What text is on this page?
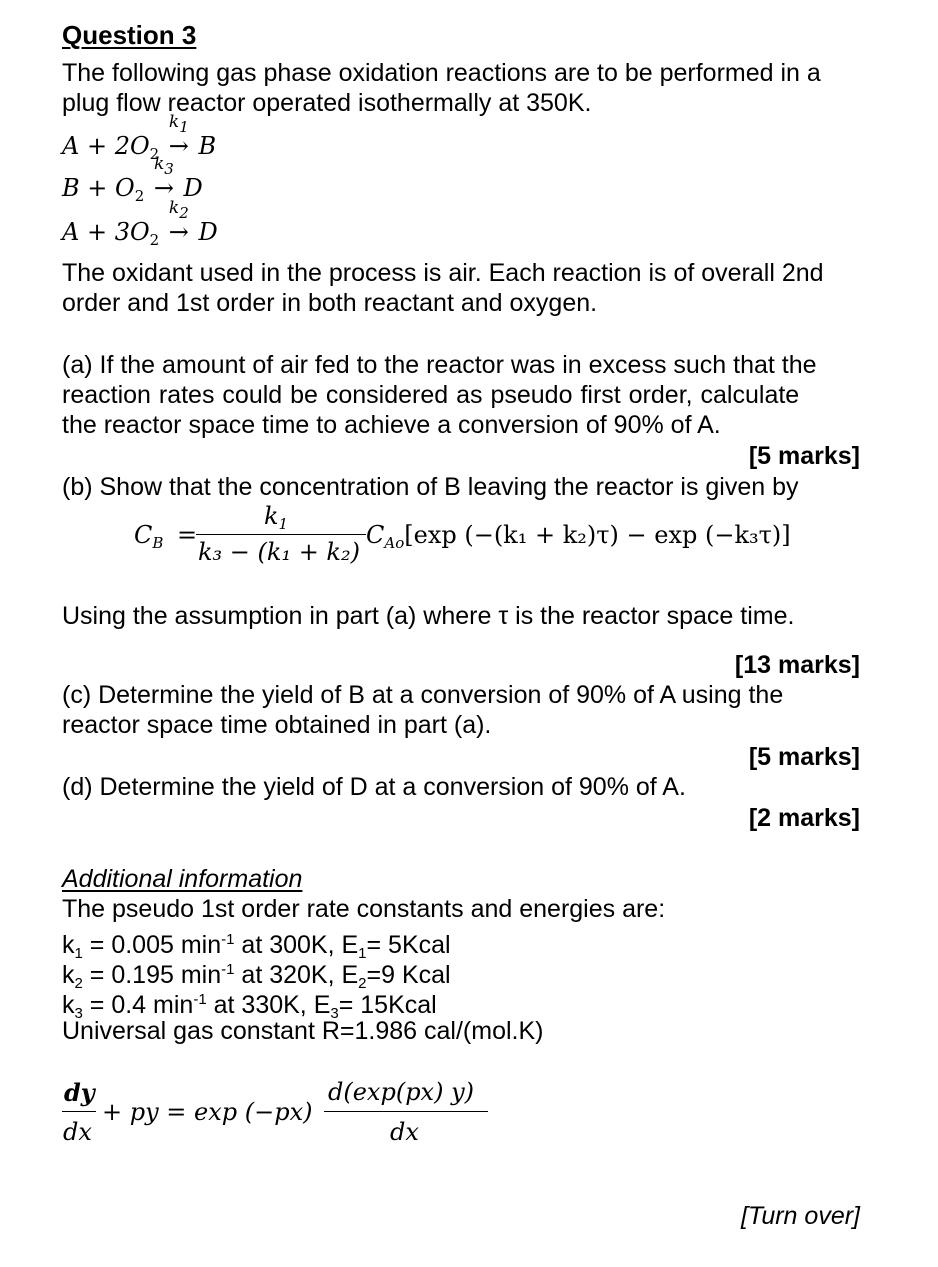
Question 3
The following gas phase oxidation reactions are to be performed in a
plug flow reactor operated isothermally at 350K.
$A + 2O_2$
k1
→ B
$B + O_2$
k3
→ D
$A + 3O_2$
k2
→ D
The oxidant used in the process is air. Each reaction is of overall 2nd
order and 1st order in both reactant and oxygen.
(a) If the amount of air fed to the reactor was in excess such that the
reaction rates could be considered as pseudo first order, calculate
the reactor space time to achieve a conversion of 90% of A.
[5 marks]
(b) Show that the concentration of B leaving the reactor is given by
$C_B$ =
$k_1$
k₃ − (k₁ + k₂)
$C_{Ao}[\exp$ (−(k₁ + k₂)τ) − exp (−k₃τ)]
Using the assumption in part (a) where τ is the reactor space time.
[13 marks]
(c) Determine the yield of B at a conversion of 90% of A using the
reactor space time obtained in part (a).
[5 marks]
(d) Determine the yield of D at a conversion of 90% of A.
[2 marks]
Additional information
The pseudo 1st order rate constants and energies are:
$k_1 = 0.005$ $\min^{-1}$ at 300K, $E_1=$ 5Kcal
$k_2 = 0.195$ $\min^{-1}$ at 320K, $E_2=9$ Kcal
$k_3 = 0.4$ $\min^{-1}$ at 330K, $E_3=$ 15Kcal
Universal gas constant R=1.986 cal/(mol.K)
dy
dx
+ py = exp (−px)
d(exp(px) y)
dx
[Turn over]
